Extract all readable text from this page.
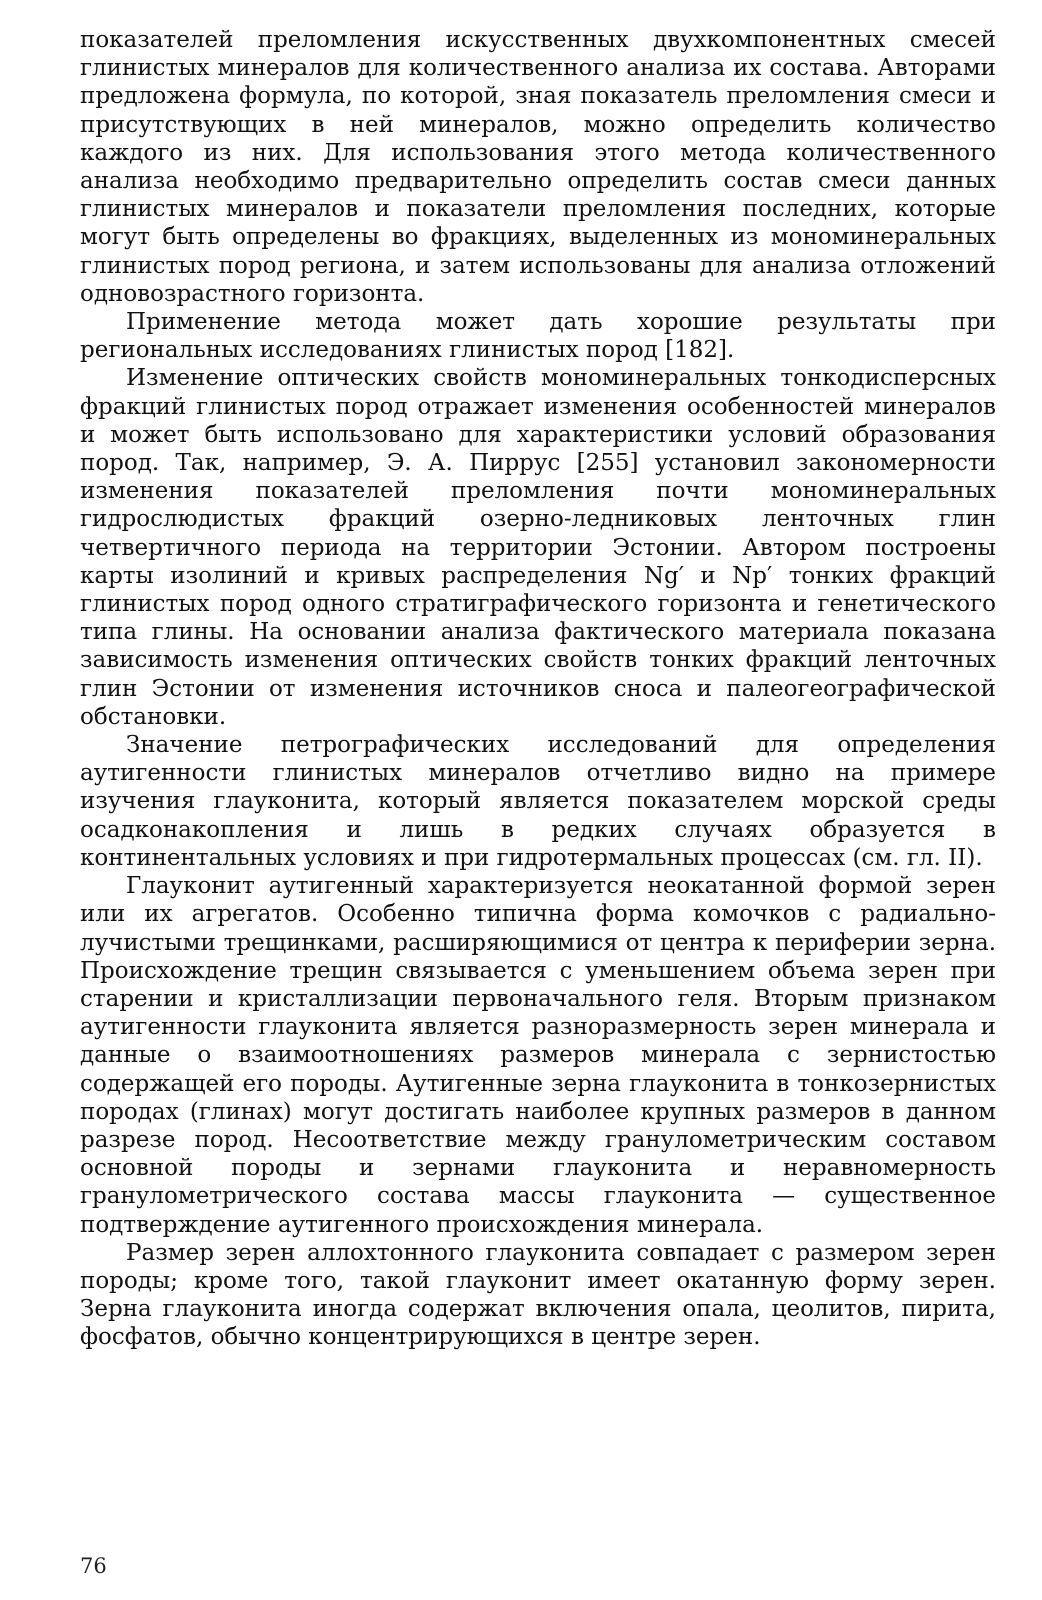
показателей преломления искусственных двухкомпонентных смесей глинистых минералов для количественного анализа их состава. Авторами предложена формула, по которой, зная показатель преломления смеси и присутствующих в ней минералов, можно определить количество каждого из них. Для использования этого метода количественного анализа необходимо предварительно определить состав смеси данных глинистых минералов и показатели преломления последних, которые могут быть определены во фракциях, выделенных из мономинеральных глинистых пород региона, и затем использованы для анализа отложений одновозрастного горизонта.

Применение метода может дать хорошие результаты при региональных исследованиях глинистых пород [182].

Изменение оптических свойств мономинеральных тонкодисперсных фракций глинистых пород отражает изменения особенностей минералов и может быть использовано для характеристики условий образования пород. Так, например, Э. А. Пиррус [255] установил закономерности изменения показателей преломления почти мономинеральных гидрослюдистых фракций озерно-ледниковых ленточных глин четвертичного периода на территории Эстонии. Автором построены карты изолиний и кривых распределения Ng′ и Np′ тонких фракций глинистых пород одного стратиграфического горизонта и генетического типа глины. На основании анализа фактического материала показана зависимость изменения оптических свойств тонких фракций ленточных глин Эстонии от изменения источников сноса и палеогеографической обстановки.

Значение петрографических исследований для определения аутигенности глинистых минералов отчетливо видно на примере изучения глауконита, который является показателем морской среды осадконакопления и лишь в редких случаях образуется в континентальных условиях и при гидротермальных процессах (см. гл. II).

Глауконит аутигенный характеризуется неокатанной формой зерен или их агрегатов. Особенно типична форма комочков с радиально-лучистыми трещинками, расширяющимися от центра к периферии зерна. Происхождение трещин связывается с уменьшением объема зерен при старении и кристаллизации первоначального геля. Вторым признаком аутигенности глауконита является разноразмерность зерен минерала и данные о взаимоотношениях размеров минерала с зернистостью содержащей его породы. Аутигенные зерна глауконита в тонкозернистых породах (глинах) могут достигать наиболее крупных размеров в данном разрезе пород. Несоответствие между гранулометрическим составом основной породы и зернами глауконита и неравномерность гранулометрического состава массы глауконита — существенное подтверждение аутигенного происхождения минерала.

Размер зерен аллохтонного глауконита совпадает с размером зерен породы; кроме того, такой глауконит имеет окатанную форму зерен. Зерна глауконита иногда содержат включения опала, цеолитов, пирита, фосфатов, обычно концентрирующихся в центре зерен.

76
